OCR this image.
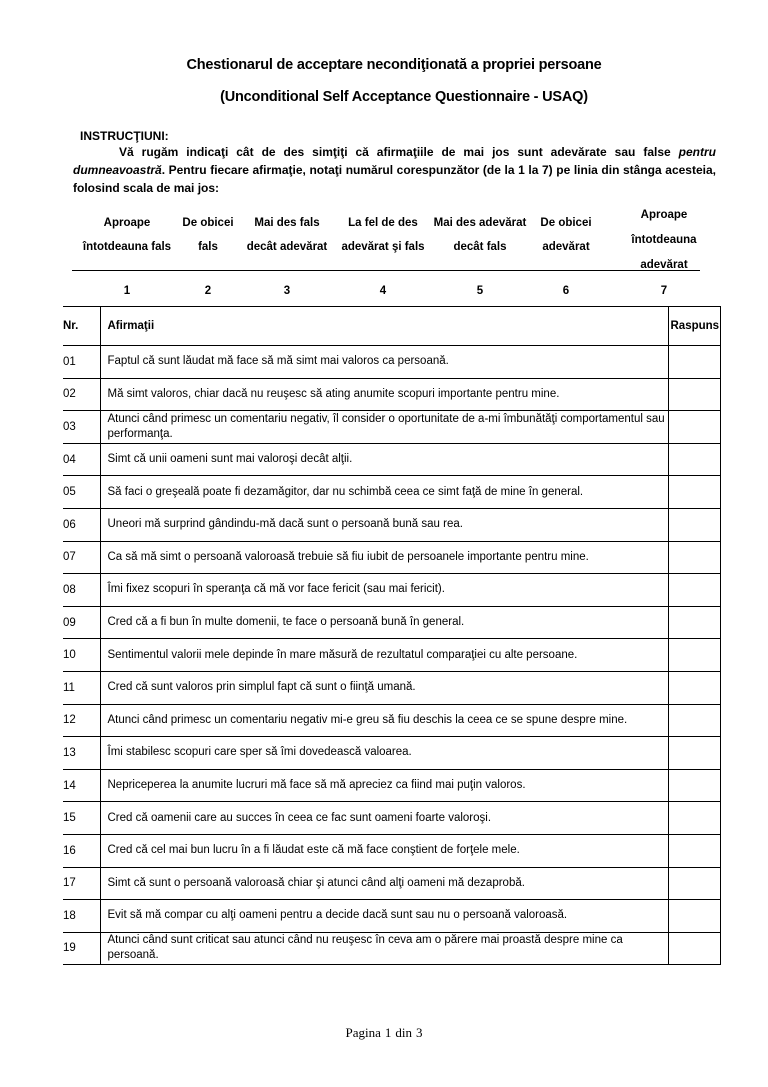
Chestionarul de acceptare necondiţionată a propriei persoane
(Unconditional Self Acceptance Questionnaire - USAQ)
INSTRUCŢIUNI:
Vă rugăm indicaţi cât de des simţiţi că afirmaţiile de mai jos sunt adevărate sau false pentru dumneavoastră. Pentru fiecare afirmaţie, notaţi numărul corespunzător (de la 1 la 7) pe linia din stânga acesteia, folosind scala de mai jos:
Aproape
întotdeauna fals
1
De obicei
fals
2
Mai des fals
decât adevărat
3
La fel de des
adevărat şi fals
4
Mai des adevărat
decât fals
5
De obicei
adevărat
6
Aproape
întotdeauna
adevărat
7
Nr.	Afirmaţii	Raspuns
01	Faptul că sunt lăudat mă face să mă simt mai valoros ca persoană.	
02	Mă simt valoros, chiar dacă nu reuşesc să ating anumite scopuri importante pentru mine.	
03	Atunci când primesc un comentariu negativ, îl consider o oportunitate de a-mi îmbunătăţi comportamentul sau performanţa.	
04	Simt că unii oameni sunt mai valoroşi decât alţii.	
05	Să faci o greşeală poate fi dezamăgitor, dar nu schimbă ceea ce simt faţă de mine în general.	
06	Uneori mă surprind gândindu-mă dacă sunt o persoană bună sau rea.	
07	Ca să mă simt o persoană valoroasă trebuie să fiu iubit de persoanele importante pentru mine.	
08	Îmi fixez scopuri în speranţa că mă vor face fericit (sau mai fericit).	
09	Cred că a fi bun în multe domenii, te face o persoană bună în general.	
10	Sentimentul valorii mele depinde în mare măsură de rezultatul comparaţiei cu alte persoane.	
11	Cred că sunt valoros prin simplul fapt că sunt o fiinţă umană.	
12	Atunci când primesc un comentariu negativ mi-e greu să fiu deschis la ceea ce se spune despre mine.	
13	Îmi stabilesc scopuri care sper să îmi dovedească valoarea.	
14	Nepriceperea la anumite lucruri mă face să mă apreciez ca fiind mai puţin valoros.	
15	Cred că oamenii care au succes în ceea ce fac sunt oameni foarte valoroşi.	
16	Cred că cel mai bun lucru în a fi lăudat este că mă face conştient de forţele mele.	
17	Simt că sunt o persoană valoroasă chiar şi atunci când alţi oameni mă dezaprobă.	
18	Evit să mă compar cu alţi oameni pentru a decide dacă sunt sau nu o persoană valoroasă.	
19	Atunci când sunt criticat sau atunci când nu reuşesc în ceva am o părere mai proastă despre mine ca persoană.	
Pagina 1 din 3
